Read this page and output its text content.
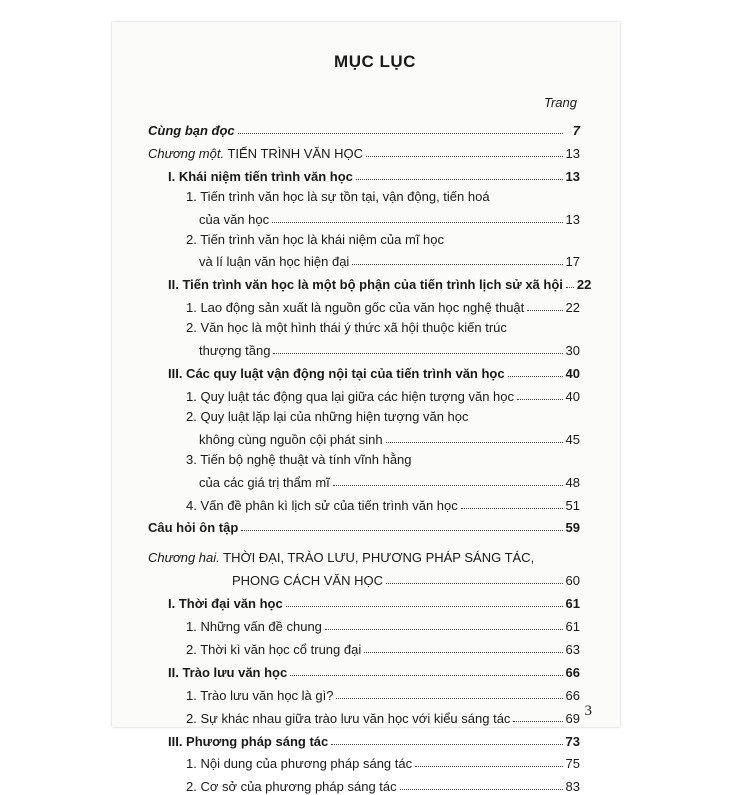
MỤC LỤC
Trang
Cùng bạn đọc	7
Chương một. TIẾN TRÌNH VĂN HỌC	13
I. Khái niệm tiến trình văn học	13
1. Tiến trình văn học là sự tồn tại, vận động, tiến hoá
của văn học	13
2. Tiến trình văn học là khái niệm của mĩ học
và lí luận văn học hiện đại	17
II. Tiến trình văn học là một bộ phận của tiến trình lịch sử xã hội 22
1. Lao động sản xuất là nguồn gốc của văn học nghệ thuật	22
2. Văn học là một hình thái ý thức xã hội thuộc kiến trúc
thượng tầng	30
III. Các quy luật vận động nội tại của tiến trình văn học	40
1. Quy luật tác động qua lại giữa các hiện tượng văn học	40
2. Quy luật lặp lại của những hiện tượng văn học
không cùng nguồn cội phát sinh	45
3. Tiến bộ nghệ thuật và tính vĩnh hằng
của các giá trị thẩm mĩ	48
4. Vấn đề phân kì lịch sử của tiến trình văn học	51
Câu hỏi ôn tập	59
Chương hai. THỜI ĐẠI, TRÀO LƯU, PHƯƠNG PHÁP SÁNG TÁC,
PHONG CÁCH VĂN HỌC	60
I. Thời đại văn học	61
1. Những vấn đề chung	61
2. Thời kì văn học cổ trung đại	63
II. Trào lưu văn học	66
1. Trào lưu văn học là gì?	66
2. Sự khác nhau giữa trào lưu văn học với kiểu sáng tác	69
III. Phương pháp sáng tác	73
1. Nội dung của phương pháp sáng tác	75
2. Cơ sở của phương pháp sáng tác	83
3
